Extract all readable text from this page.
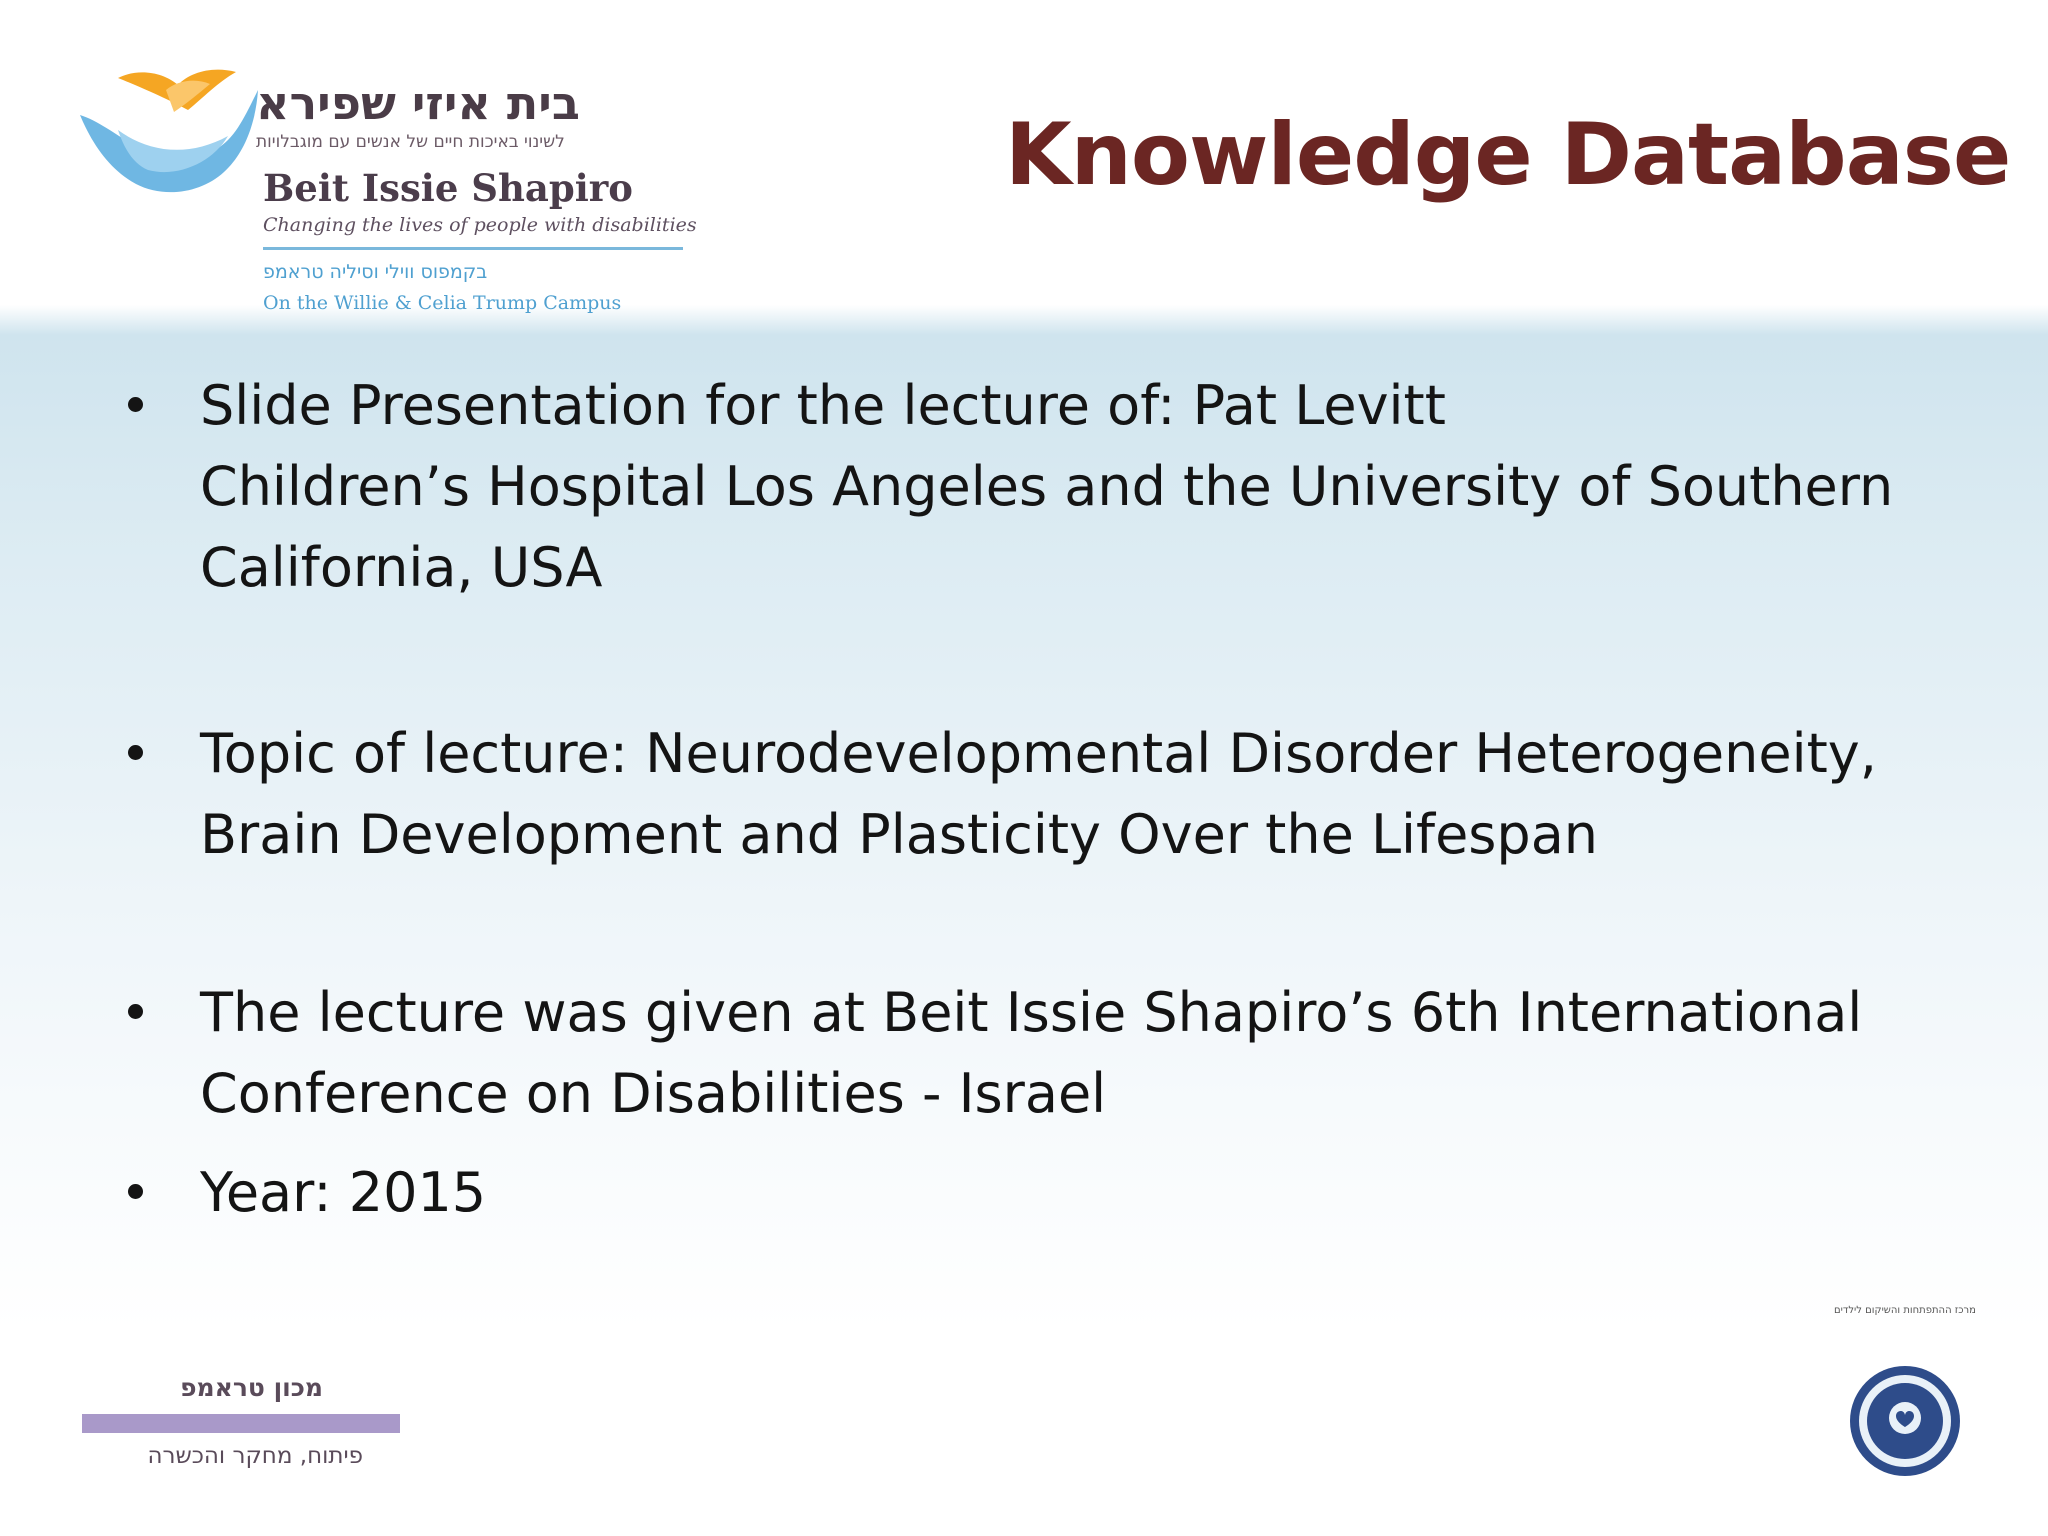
בית איזי שפירא
לשינוי באיכות חיים של אנשים עם מוגבלויות
Beit Issie Shapiro
Changing the lives of people with disabilities
בקמפוס ווילי וסיליה טראמפ
On the Willie & Celia Trump Campus
Knowledge Database
Slide Presentation for the lecture of: Pat Levitt
Children’s Hospital Los Angeles and the University of Southern
California, USA
Topic of lecture: Neurodevelopmental Disorder Heterogeneity,
Brain Development and Plasticity Over the Lifespan
The lecture was given at Beit Issie Shapiro’s 6th International
Conference on Disabilities - Israel
Year: 2015
מכון טראמפ
פיתוח, מחקר והכשרה
מרכז ההתפתחות והשיקום לילדים
